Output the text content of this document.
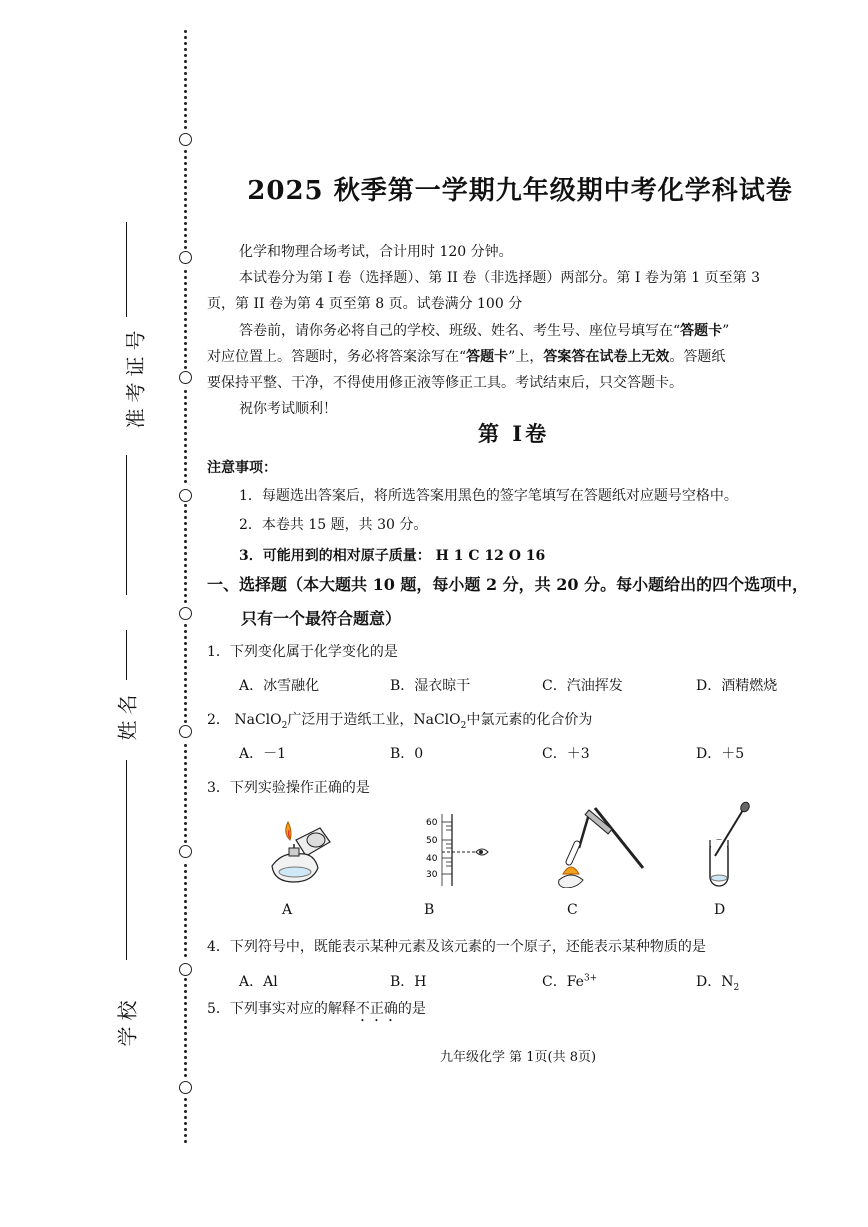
准考证号
姓名
学校
2025 秋季第一学期九年级期中考化学科试卷
化学和物理合场考试，合计用时 120 分钟。
本试卷分为第 I 卷（选择题）、第 II 卷（非选择题）两部分。第 I 卷为第 1 页至第 3
页，第 II 卷为第 4 页至第 8 页。试卷满分 100 分
答卷前，请你务必将自己的学校、班级、姓名、考生号、座位号填写在“答题卡”
对应位置上。答题时，务必将答案涂写在“答题卡”上，答案答在试卷上无效。答题纸
要保持平整、干净，不得使用修正液等修正工具。考试结束后，只交答题卡。
祝你考试顺利！
第 I卷
注意事项：
1．每题选出答案后，将所选答案用黑色的签字笔填写在答题纸对应题号空格中。
2．本卷共 15 题，共 30 分。
3．可能用到的相对原子质量： H 1 C 12 O 16
一、选择题（本大题共 10 题，每小题 2 分，共 20 分。每小题给出的四个选项中，
只有一个最符合题意）
1．下列变化属于化学变化的是
A．冰雪融化	B．湿衣晾干	C．汽油挥发	D．酒精燃烧
2． NaClO$_2$广泛用于造纸工业，NaClO$_2$中氯元素的化合价为
A．－1	B．0	C．＋3	D．＋5
3．下列实验操作正确的是
A
60
50
40
30
B	C	D
4．下列符号中，既能表示某种元素及该元素的一个原子，还能表示某种物质的是
A．Al	B．H	C．$Fe^{3+}$	D．$N_2$
5．下列事实对应的解释不正确的是
九年级化学 第 1页(共 8页)
